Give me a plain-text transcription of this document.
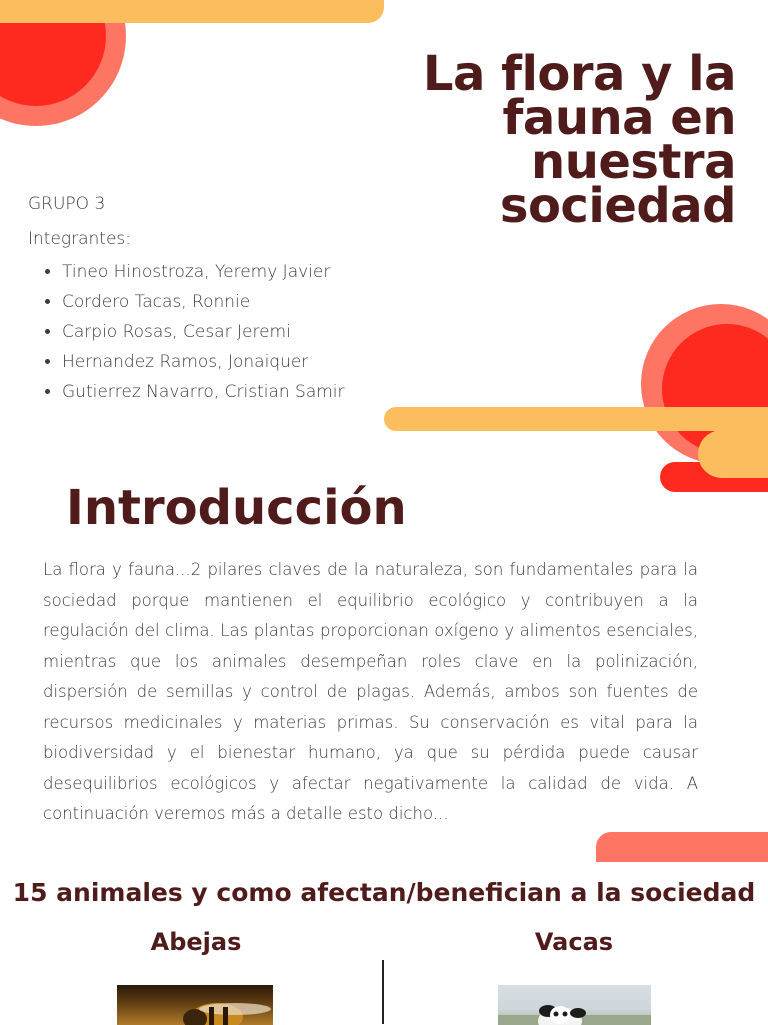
La flora y la
fauna en
nuestra
sociedad
GRUPO 3
Integrantes:
• Tineo Hinostroza, Yeremy Javier
• Cordero Tacas, Ronnie
• Carpio Rosas, Cesar Jeremi
• Hernandez Ramos, Jonaiquer
• Gutierrez Navarro, Cristian Samir
Introducción

La flora y fauna...2 pilares claves de la naturaleza, son fundamentales para la sociedad porque mantienen el equilibrio ecológico y contribuyen a la regulación del clima. Las plantas proporcionan oxígeno y alimentos esenciales, mientras que los animales desempeñan roles clave en la polinización, dispersión de semillas y control de plagas. Además, ambos son fuentes de recursos medicinales y materias primas. Su conservación es vital para la biodiversidad y el bienestar humano, ya que su pérdida puede causar desequilibrios ecológicos y afectar negativamente la calidad de vida. A continuación veremos más a detalle esto dicho...

15 animales y como afectan/benefician a la sociedad
Abejas	Vacas
